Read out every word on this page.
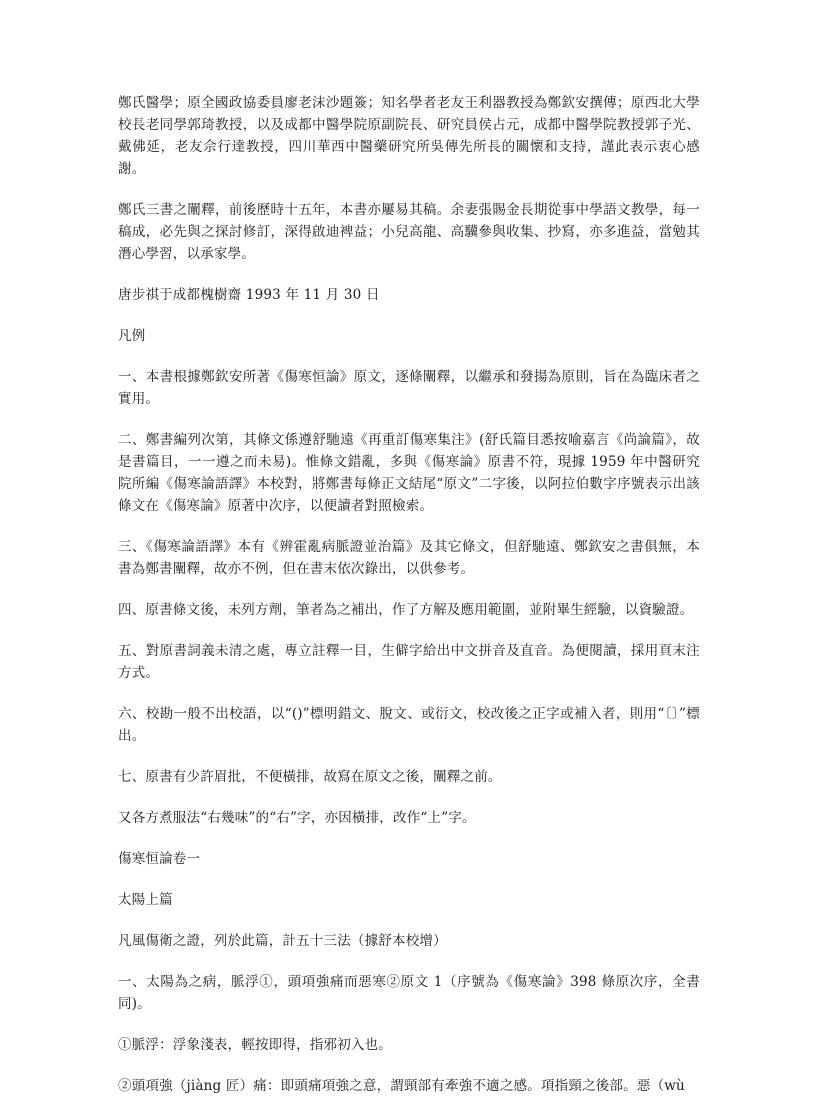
鄭氏醫學；原全國政協委員廖老沫沙題簽；知名學者老友王利器教授為鄭欽安撰傳；原西北大學校長老同學郭琦教授，以及成都中醫學院原副院長、研究員侯占元，成都中醫學院教授郭子光、戴佛延，老友佘行達教授，四川華西中醫藥研究所吳傳先所長的關懷和支持，謹此表示衷心感謝。

鄭氏三書之闡釋，前後歷時十五年，本書亦屢易其稿。余妻張賜金長期從事中學語文教學，每一稿成，必先與之探討修訂，深得啟迪裨益；小兒高龍、高驥參與收集、抄寫，亦多進益，當勉其潛心學習，以承家學。

唐步祺于成都槐樹齋 1993 年 11 月 30 日

凡例

一、本書根據鄭欽安所著《傷寒恒論》原文，逐條闡釋，以繼承和發揚為原則，旨在為臨床者之實用。

二、鄭書編列次第，其條文係遵舒馳遠《再重訂傷寒集注》(舒氏篇目悉按喻嘉言《尚論篇》，故是書篇目，一一遵之而未易)。惟條文錯亂，多與《傷寒論》原書不符，現據 1959 年中醫研究院所編《傷寒論語譯》本校對，將鄭書每條正文結尾“原文”二字後，以阿拉伯數字序號表示出該條文在《傷寒論》原著中次序，以便讀者對照檢索。

三、《傷寒論語譯》本有《辨霍亂病脈證並治篇》及其它條文，但舒馳遠、鄭欽安之書俱無，本書為鄭書闡釋，故亦不例，但在書末依次錄出，以供參考。

四、原書條文後，未列方劑，筆者為之補出，作了方解及應用範圍，並附畢生經驗，以資驗證。

五、對原書詞義未清之處，專立註釋一目，生僻字給出中文拼音及直音。為便閱讀，採用頁末注方式。

六、校勘一般不出校語，以“()”標明錯文、脫文、或衍文，校改後之正字或補入者，則用“〔〕”標出。

七、原書有少許眉批，不便橫排，故寫在原文之後，闡釋之前。

又各方煮服法“右幾味”的“右”字，亦因橫排，改作“上”字。

傷寒恒論卷一

太陽上篇

凡風傷衛之證，列於此篇，計五十三法（據舒本校增）

一、太陽為之病，脈浮①，頭項強痛而惡寒②原文 1（序號為《傷寒論》398 條原次序，全書同)。

①脈浮：浮象淺表，輕按即得，指邪初入也。

②頭項強（jiàng 匠）痛：即頭痛項強之意，謂頸部有牽強不適之感。項指頸之後部。惡（wù
